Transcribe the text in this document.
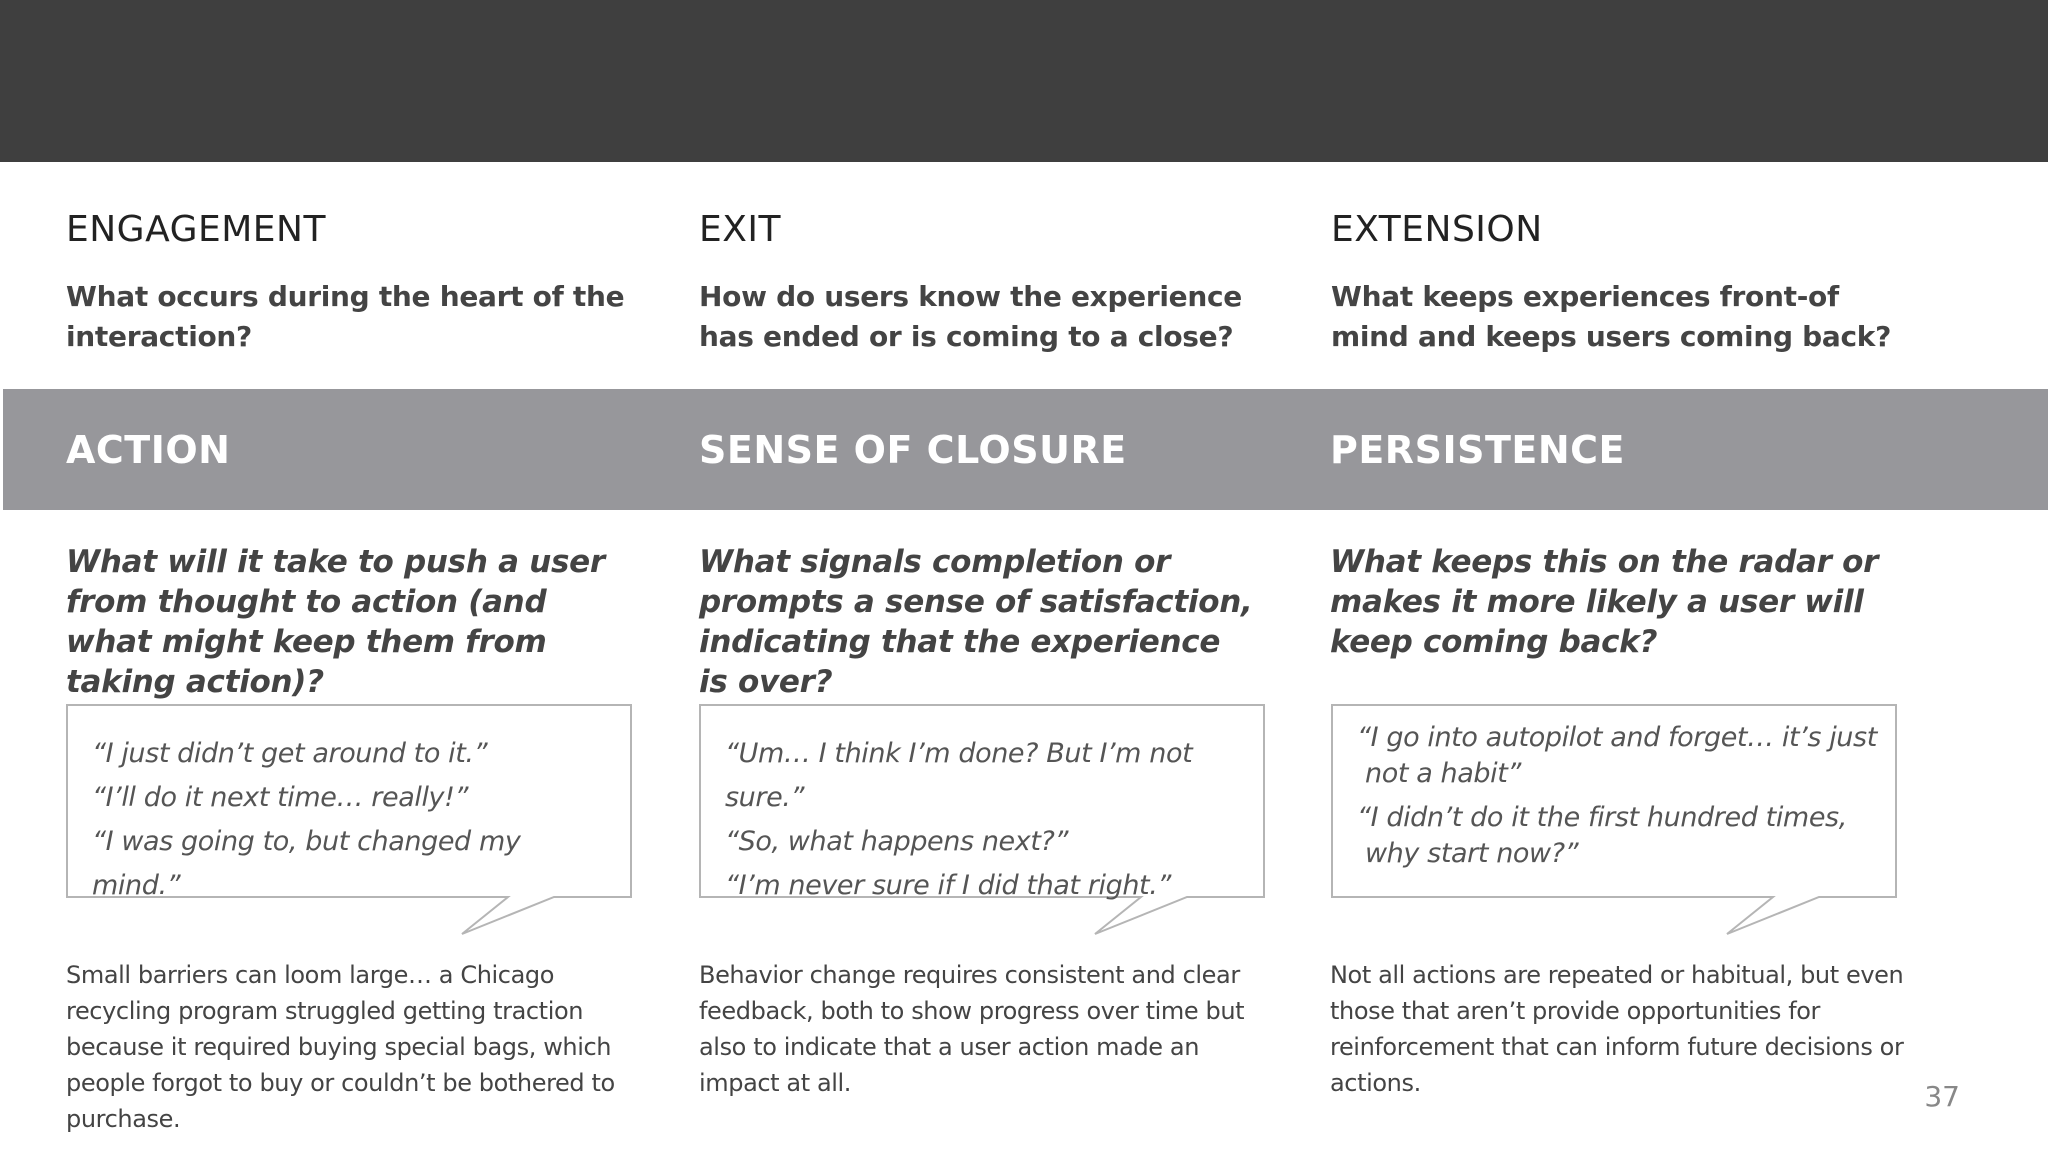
ENGAGEMENT

What occurs during the heart of the interaction?

EXIT

How do users know the experience has ended or is coming to a close?

EXTENSION

What keeps experiences front-of mind and keeps users coming back?

ACTION	SENSE OF CLOSURE	PERSISTENCE

What will it take to push a user from thought to action (and what might keep them from taking action)?

What signals completion or prompts a sense of satisfaction, indicating that the experience is over?

What keeps this on the radar or makes it more likely a user will keep coming back?

“I just didn’t get around to it.”

“I’ll do it next time… really!”

“I was going to, but changed my mind.”

“Um… I think I’m done? But I’m not sure.”

“So, what happens next?”

“I’m never sure if I did that right.”

“I go into autopilot and forget… it’s just not a habit”

“I didn’t do it the first hundred times, why start now?”

Small barriers can loom large… a Chicago recycling program struggled getting traction because it required buying special bags, which people forgot to buy or couldn’t be bothered to purchase.

Behavior change requires consistent and clear feedback, both to show progress over time but also to indicate that a user action made an impact at all.

Not all actions are repeated or habitual, but even those that aren’t provide opportunities for reinforcement that can inform future decisions or actions.	37
